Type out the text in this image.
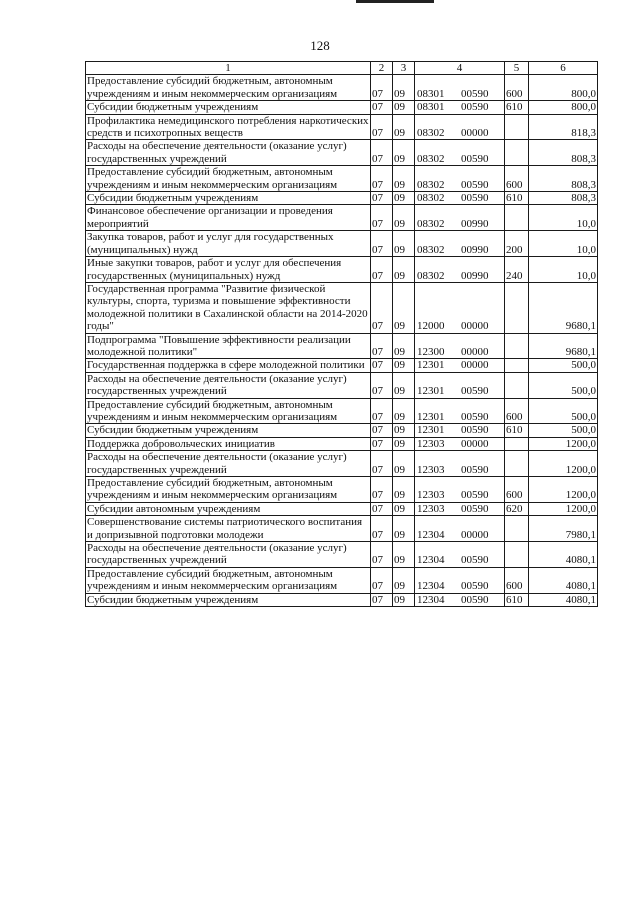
128
1	2	3	4	5	6
Предоставление субсидий бюджетным, автономным учреждениям и иным некоммерческим организациям	07	09	08301 00590	600	800,0
Субсидии бюджетным учреждениям	07	09	08301 00590	610	800,0
Профилактика немедицинского потребления наркотических средств и психотропных веществ	07	09	08302 00000		818,3
Расходы на обеспечение деятельности (оказание услуг) государственных учреждений	07	09	08302 00590		808,3
Предоставление субсидий бюджетным, автономным учреждениям и иным некоммерческим организациям	07	09	08302 00590	600	808,3
Субсидии бюджетным учреждениям	07	09	08302 00590	610	808,3
Финансовое обеспечение организации и проведения мероприятий	07	09	08302 00990		10,0
Закупка товаров, работ и услуг для государственных (муниципальных) нужд	07	09	08302 00990	200	10,0
Иные закупки товаров, работ и услуг для обеспечения государственных (муниципальных) нужд	07	09	08302 00990	240	10,0
Государственная программа "Развитие физической культуры, спорта, туризма и повышение эффективности молодежной политики в Сахалинской области на 2014-2020 годы"	07	09	12000 00000		9680,1
Подпрограмма "Повышение эффективности реализации молодежной политики"	07	09	12300 00000		9680,1
Государственная поддержка в сфере молодежной политики	07	09	12301 00000		500,0
Расходы на обеспечение деятельности (оказание услуг) государственных учреждений	07	09	12301 00590		500,0
Предоставление субсидий бюджетным, автономным учреждениям и иным некоммерческим организациям	07	09	12301 00590	600	500,0
Субсидии бюджетным учреждениям	07	09	12301 00590	610	500,0
Поддержка добровольческих инициатив	07	09	12303 00000		1200,0
Расходы на обеспечение деятельности (оказание услуг) государственных учреждений	07	09	12303 00590		1200,0
Предоставление субсидий бюджетным, автономным учреждениям и иным некоммерческим организациям	07	09	12303 00590	600	1200,0
Субсидии автономным учреждениям	07	09	12303 00590	620	1200,0
Совершенствование системы патриотического воспитания и допризывной подготовки молодежи	07	09	12304 00000		7980,1
Расходы на обеспечение деятельности (оказание услуг) государственных учреждений	07	09	12304 00590		4080,1
Предоставление субсидий бюджетным, автономным учреждениям и иным некоммерческим организациям	07	09	12304 00590	600	4080,1
Субсидии бюджетным учреждениям	07	09	12304 00590	610	4080,1
